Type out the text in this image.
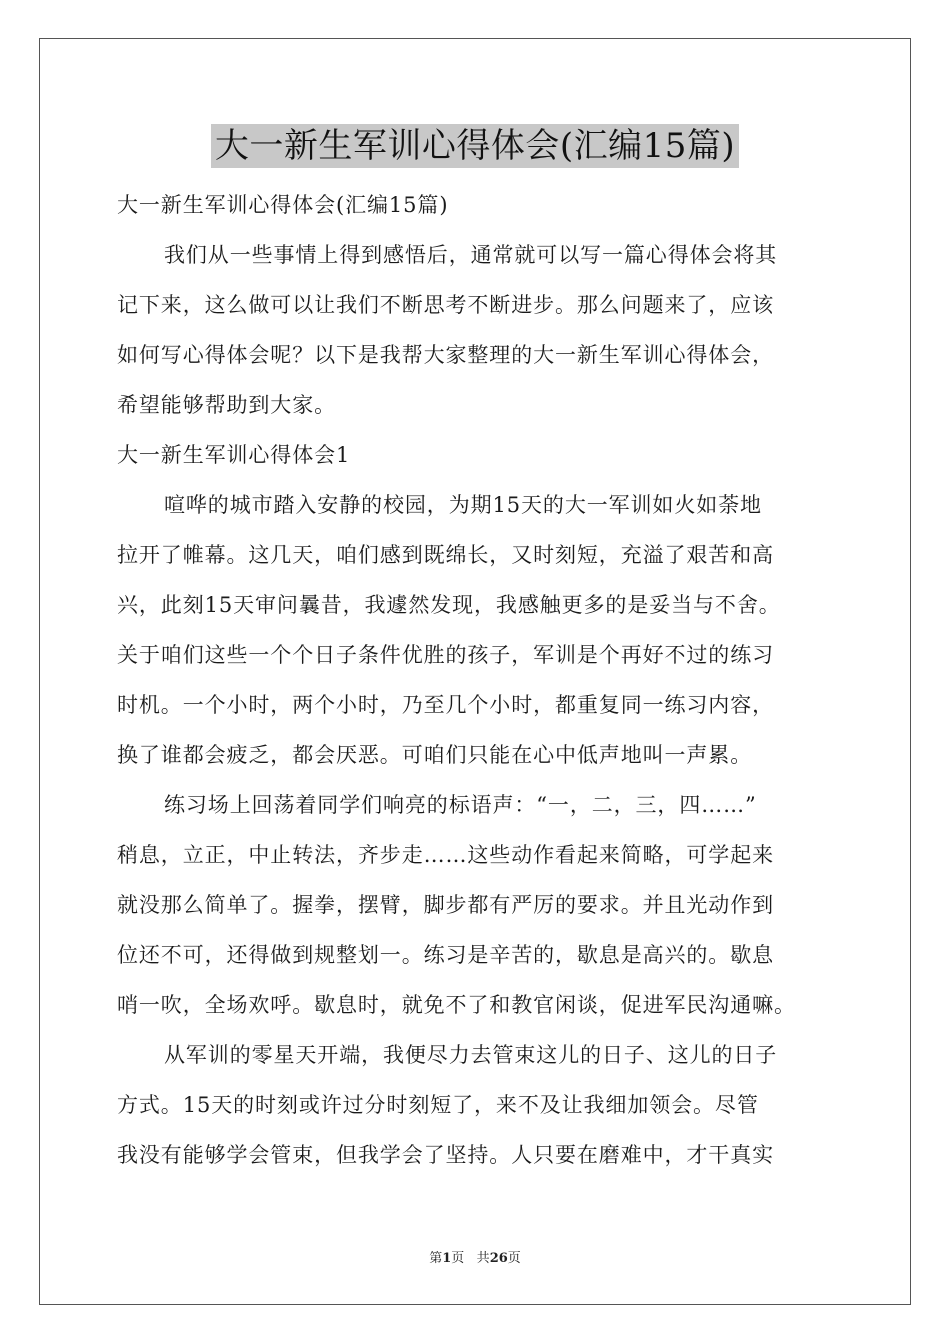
大一新生军训心得体会(汇编15篇)
大一新生军训心得体会(汇编15篇)
我们从一些事情上得到感悟后，通常就可以写一篇心得体会将其
记下来，这么做可以让我们不断思考不断进步。那么问题来了，应该
如何写心得体会呢？以下是我帮大家整理的大一新生军训心得体会，
希望能够帮助到大家。
大一新生军训心得体会1
喧哗的城市踏入安静的校园，为期15天的大一军训如火如荼地
拉开了帷幕。这几天，咱们感到既绵长，又时刻短，充溢了艰苦和高
兴，此刻15天审问曩昔，我遽然发现，我感触更多的是妥当与不舍。
关于咱们这些一个个日子条件优胜的孩子，军训是个再好不过的练习
时机。一个小时，两个小时，乃至几个小时，都重复同一练习内容，
换了谁都会疲乏，都会厌恶。可咱们只能在心中低声地叫一声累。
练习场上回荡着同学们响亮的标语声：“一，二，三，四……”
稍息，立正，中止转法，齐步走……这些动作看起来简略，可学起来
就没那么简单了。握拳，摆臂，脚步都有严厉的要求。并且光动作到
位还不可，还得做到规整划一。练习是辛苦的，歇息是高兴的。歇息
哨一吹，全场欢呼。歇息时，就免不了和教官闲谈，促进军民沟通嘛。
从军训的零星天开端，我便尽力去管束这儿的日子、这儿的日子
方式。15天的时刻或许过分时刻短了，来不及让我细加领会。尽管
我没有能够学会管束，但我学会了坚持。人只要在磨难中，才干真实
第1页 共26页
